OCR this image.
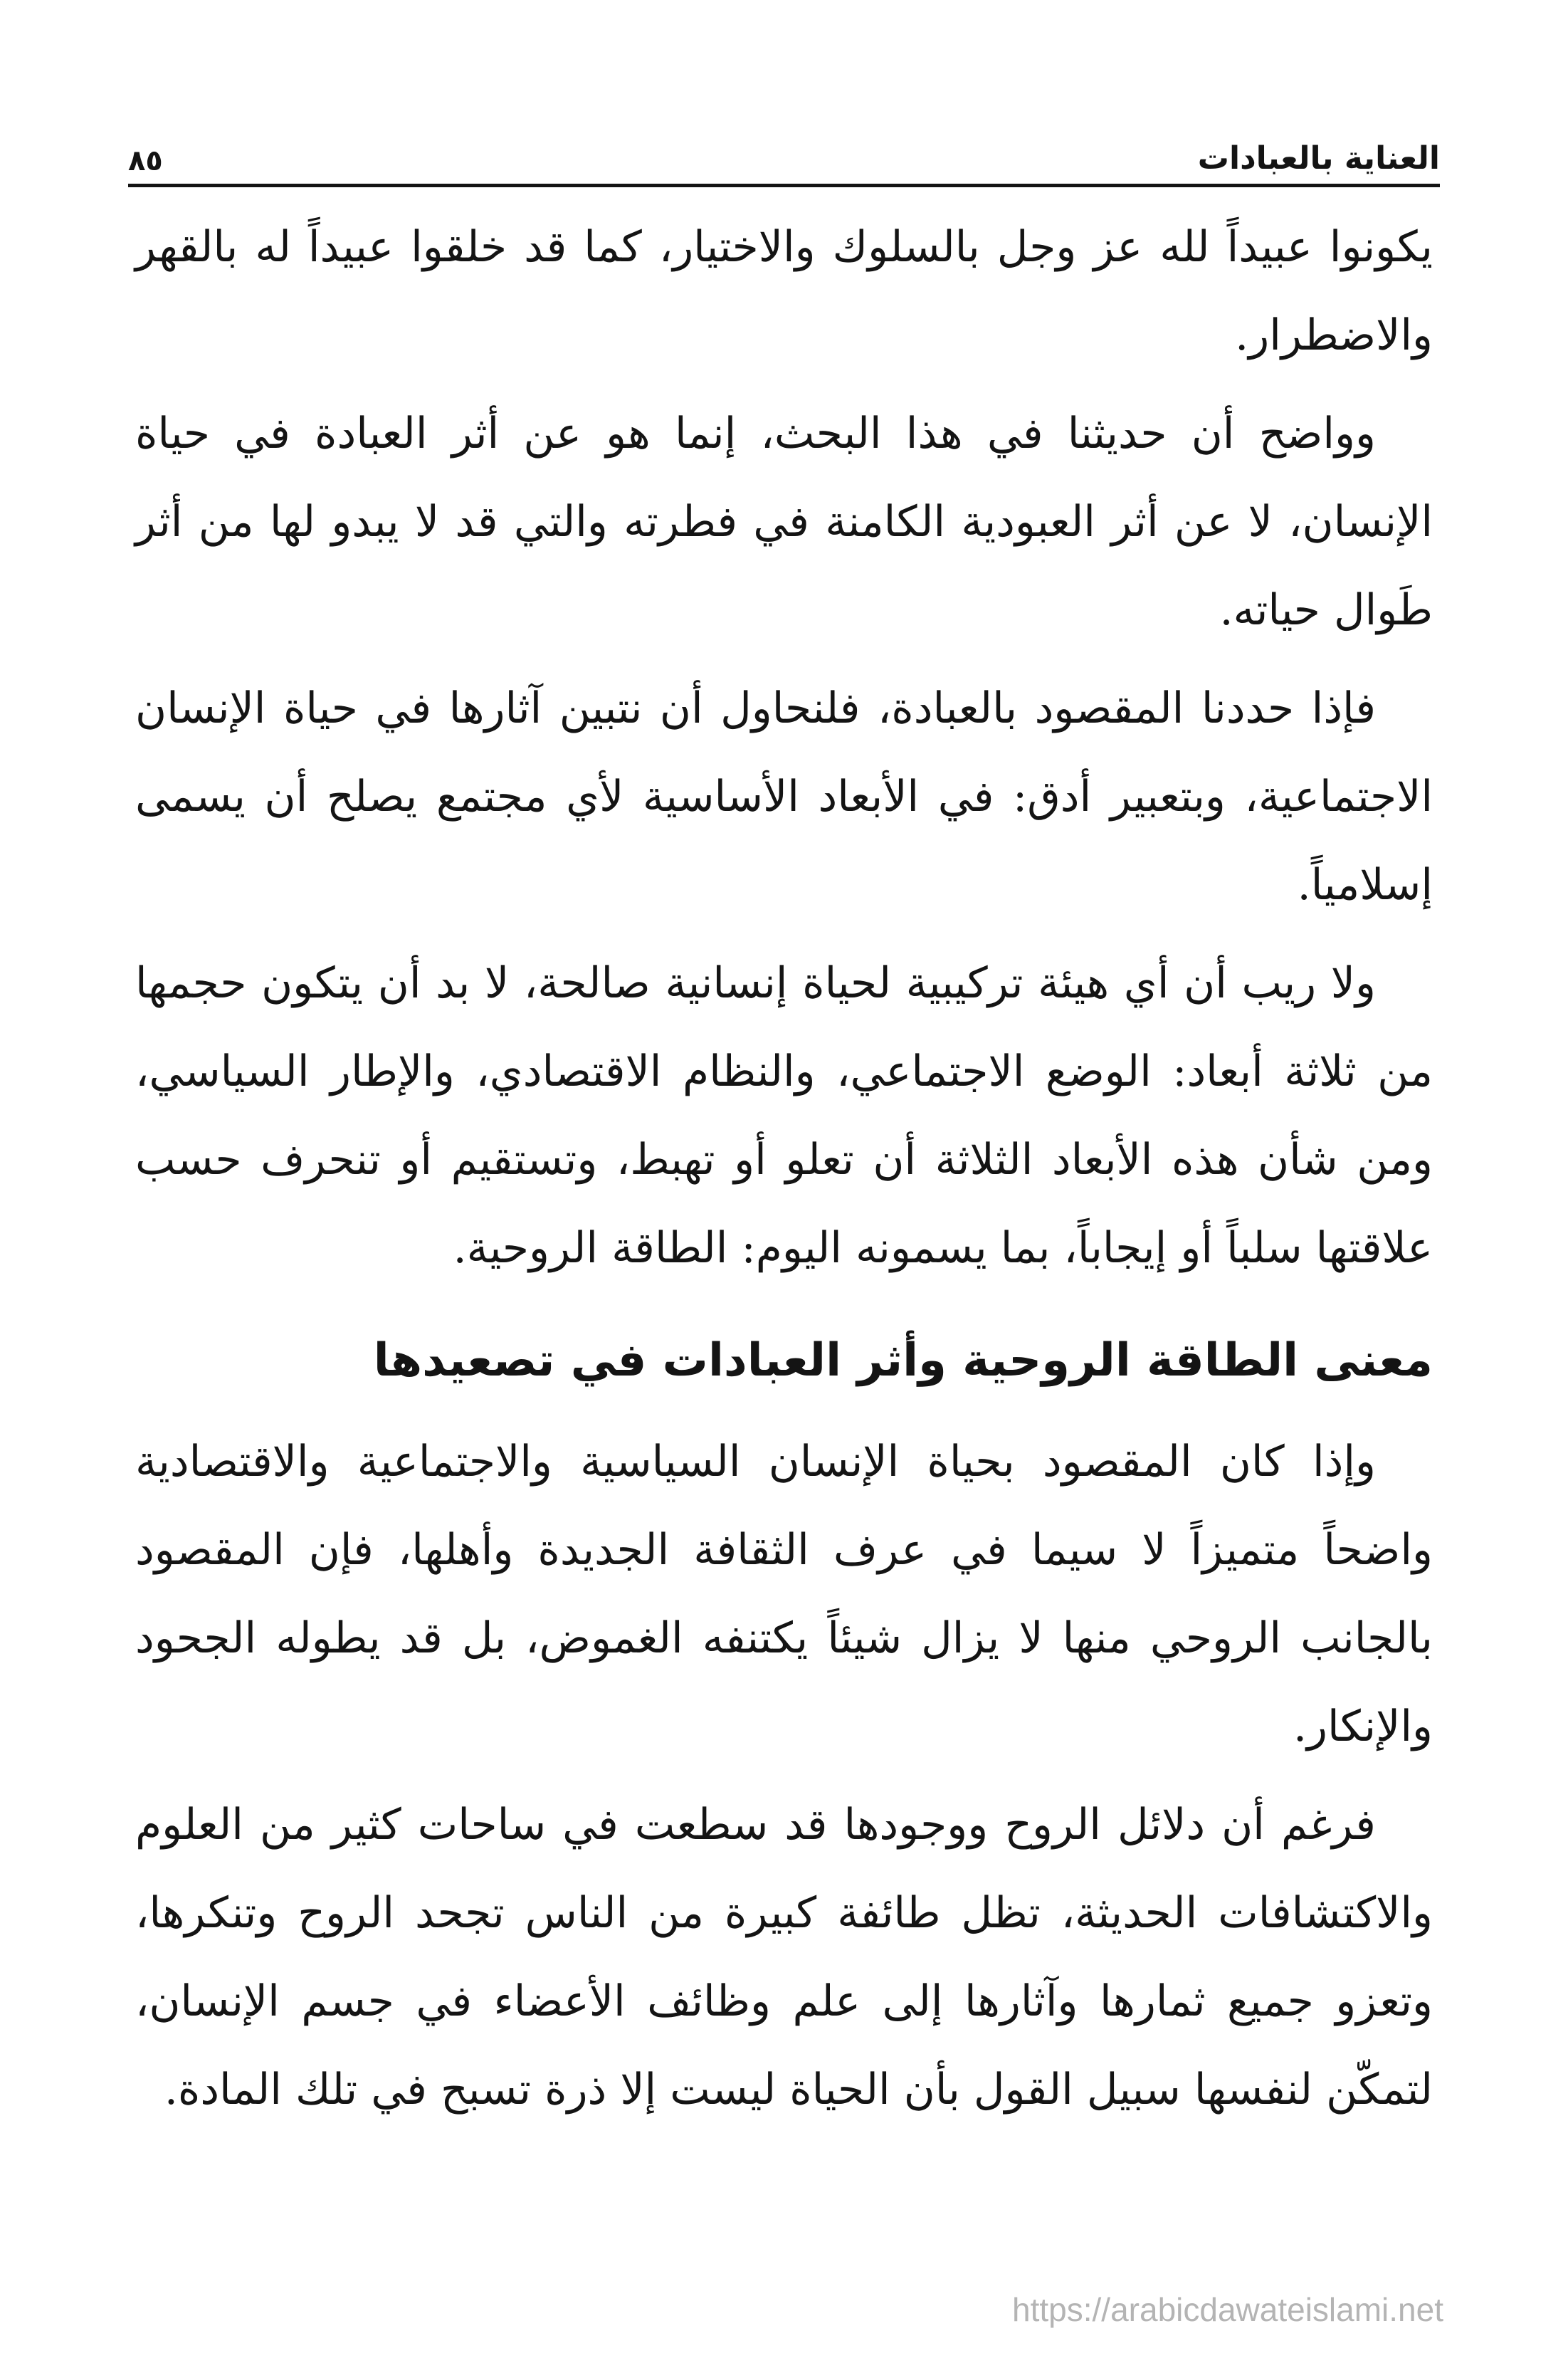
العناية بالعبادات
٨٥

يكونوا عبيداً لله عز وجل بالسلوك والاختيار، كما قد خلقوا عبيداً له بالقهر والاضطرار.

وواضح أن حديثنا في هذا البحث، إنما هو عن أثر العبادة في حياة الإنسان، لا عن أثر العبودية الكامنة في فطرته والتي قد لا يبدو لها من أثر طَوال حياته.

فإذا حددنا المقصود بالعبادة، فلنحاول أن نتبين آثارها في حياة الإنسان الاجتماعية، وبتعبير أدق: في الأبعاد الأساسية لأي مجتمع يصلح أن يسمى إسلامياً.

ولا ريب أن أي هيئة تركيبية لحياة إنسانية صالحة، لا بد أن يتكون حجمها من ثلاثة أبعاد: الوضع الاجتماعي، والنظام الاقتصادي، والإطار السياسي، ومن شأن هذه الأبعاد الثلاثة أن تعلو أو تهبط، وتستقيم أو تنحرف حسب علاقتها سلباً أو إيجاباً، بما يسمونه اليوم: الطاقة الروحية.

معنى الطاقة الروحية وأثر العبادات في تصعيدها

وإذا كان المقصود بحياة الإنسان السياسية والاجتماعية والاقتصادية واضحاً متميزاً لا سيما في عرف الثقافة الجديدة وأهلها، فإن المقصود بالجانب الروحي منها لا يزال شيئاً يكتنفه الغموض، بل قد يطوله الجحود والإنكار.

فرغم أن دلائل الروح ووجودها قد سطعت في ساحات كثير من العلوم والاكتشافات الحديثة، تظل طائفة كبيرة من الناس تجحد الروح وتنكرها، وتعزو جميع ثمارها وآثارها إلى علم وظائف الأعضاء في جسم الإنسان، لتمكّن لنفسها سبيل القول بأن الحياة ليست إلا ذرة تسبح في تلك المادة.

https://arabicdawateislami.net
